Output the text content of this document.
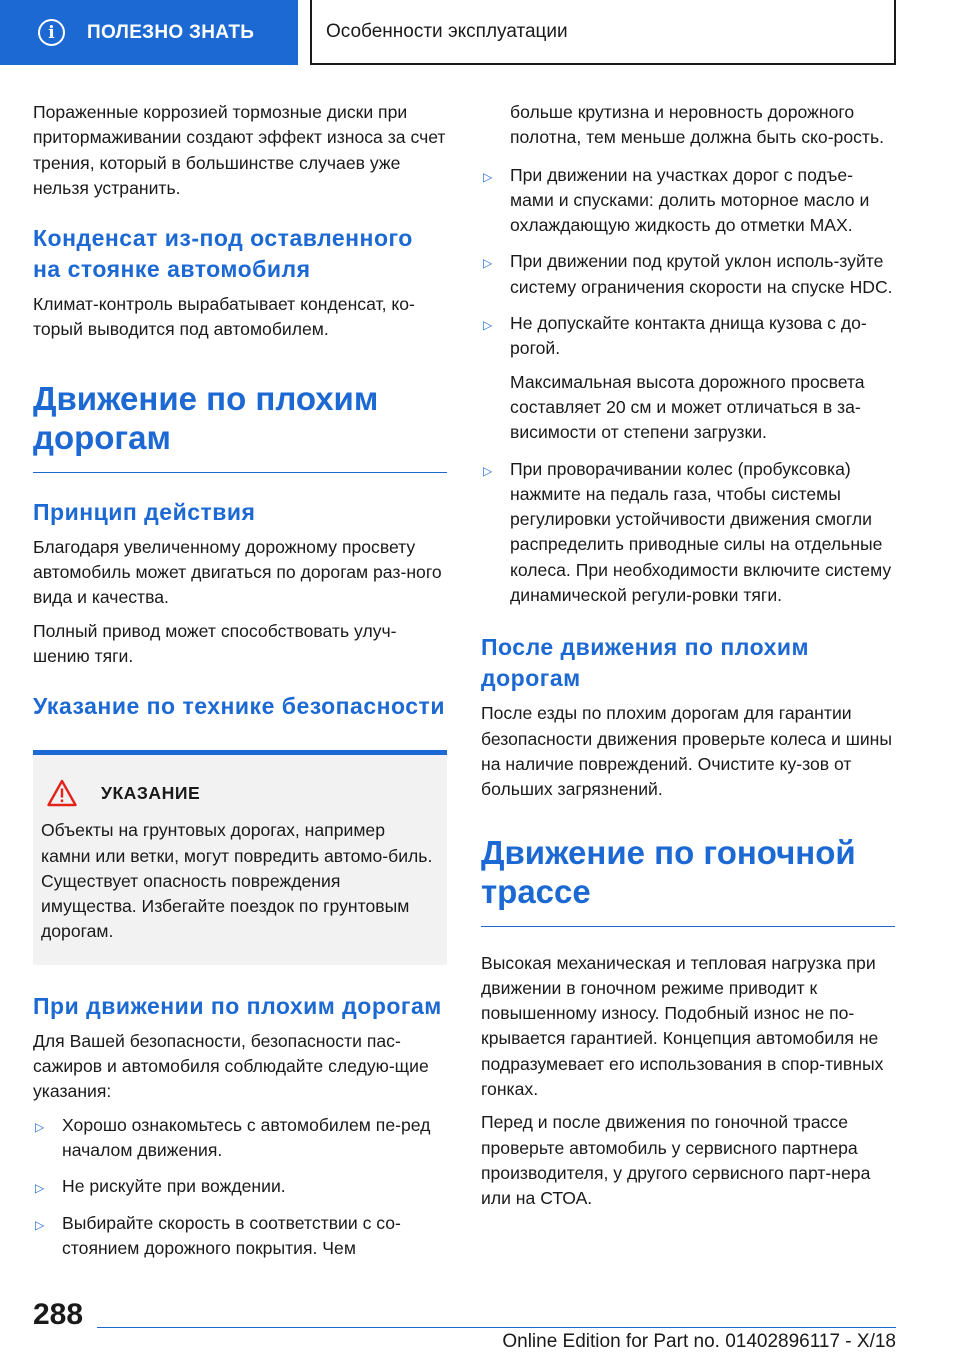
i	ПОЛЕЗНО ЗНАТЬ	Особенности эксплуатации

Пораженные коррозией тормозные диски при притормаживании создают эффект износа за счет трения, который в большинстве случаев уже нельзя устранить.

Конденсат из-под оставленного на стоянке автомобиля

Климат-контроль вырабатывает конденсат, ко-торый выводится под автомобилем.

Движение по плохим дорогам
Принцип действия

Благодаря увеличенному дорожному просвету автомобиль может двигаться по дорогам раз-ного вида и качества.

Полный привод может способствовать улуч-шению тяги.

Указание по технике безопасности
УКАЗАНИЕ

Объекты на грунтовых дорогах, например камни или ветки, могут повредить автомо-биль. Существует опасность повреждения имущества. Избегайте поездок по грунтовым дорогам.

При движении по плохим дорогам

Для Вашей безопасности, безопасности пас-сажиров и автомобиля соблюдайте следую-щие указания:

▷ Хорошо ознакомьтесь с автомобилем пе-ред началом движения.
▷ Не рискуйте при вождении.
▷ Выбирайте скорость в соответствии с со-стоянием дорожного покрытия. Чем

больше крутизна и неровность дорожного полотна, тем меньше должна быть ско-рость.

▷ При движении на участках дорог с подъе-мами и спусками: долить моторное масло и охлаждающую жидкость до отметки MAX.
▷ При движении под крутой уклон исполь-зуйте систему ограничения скорости на спуске HDC.
▷ Не допускайте контакта днища кузова с до-рогой.
Максимальная высота дорожного просвета составляет 20 см и может отличаться в за-висимости от степени загрузки.
▷ При проворачивании колес (пробуксовка) нажмите на педаль газа, чтобы системы регулировки устойчивости движения смогли распределить приводные силы на отдельные колеса. При необходимости включите систему динамической регули-ровки тяги.
После движения по плохим дорогам

После езды по плохим дорогам для гарантии безопасности движения проверьте колеса и шины на наличие повреждений. Очистите ку-зов от больших загрязнений.

Движение по гоночной трассе

Высокая механическая и тепловая нагрузка при движении в гоночном режиме приводит к повышенному износу. Подобный износ не по-крывается гарантией. Концепция автомобиля не подразумевает его использования в спор-тивных гонках.

Перед и после движения по гоночной трассе проверьте автомобиль у сервисного партнера производителя, у другого сервисного парт-нера или на СТОА.

288
Online Edition for Part no. 01402896117 - X/18
